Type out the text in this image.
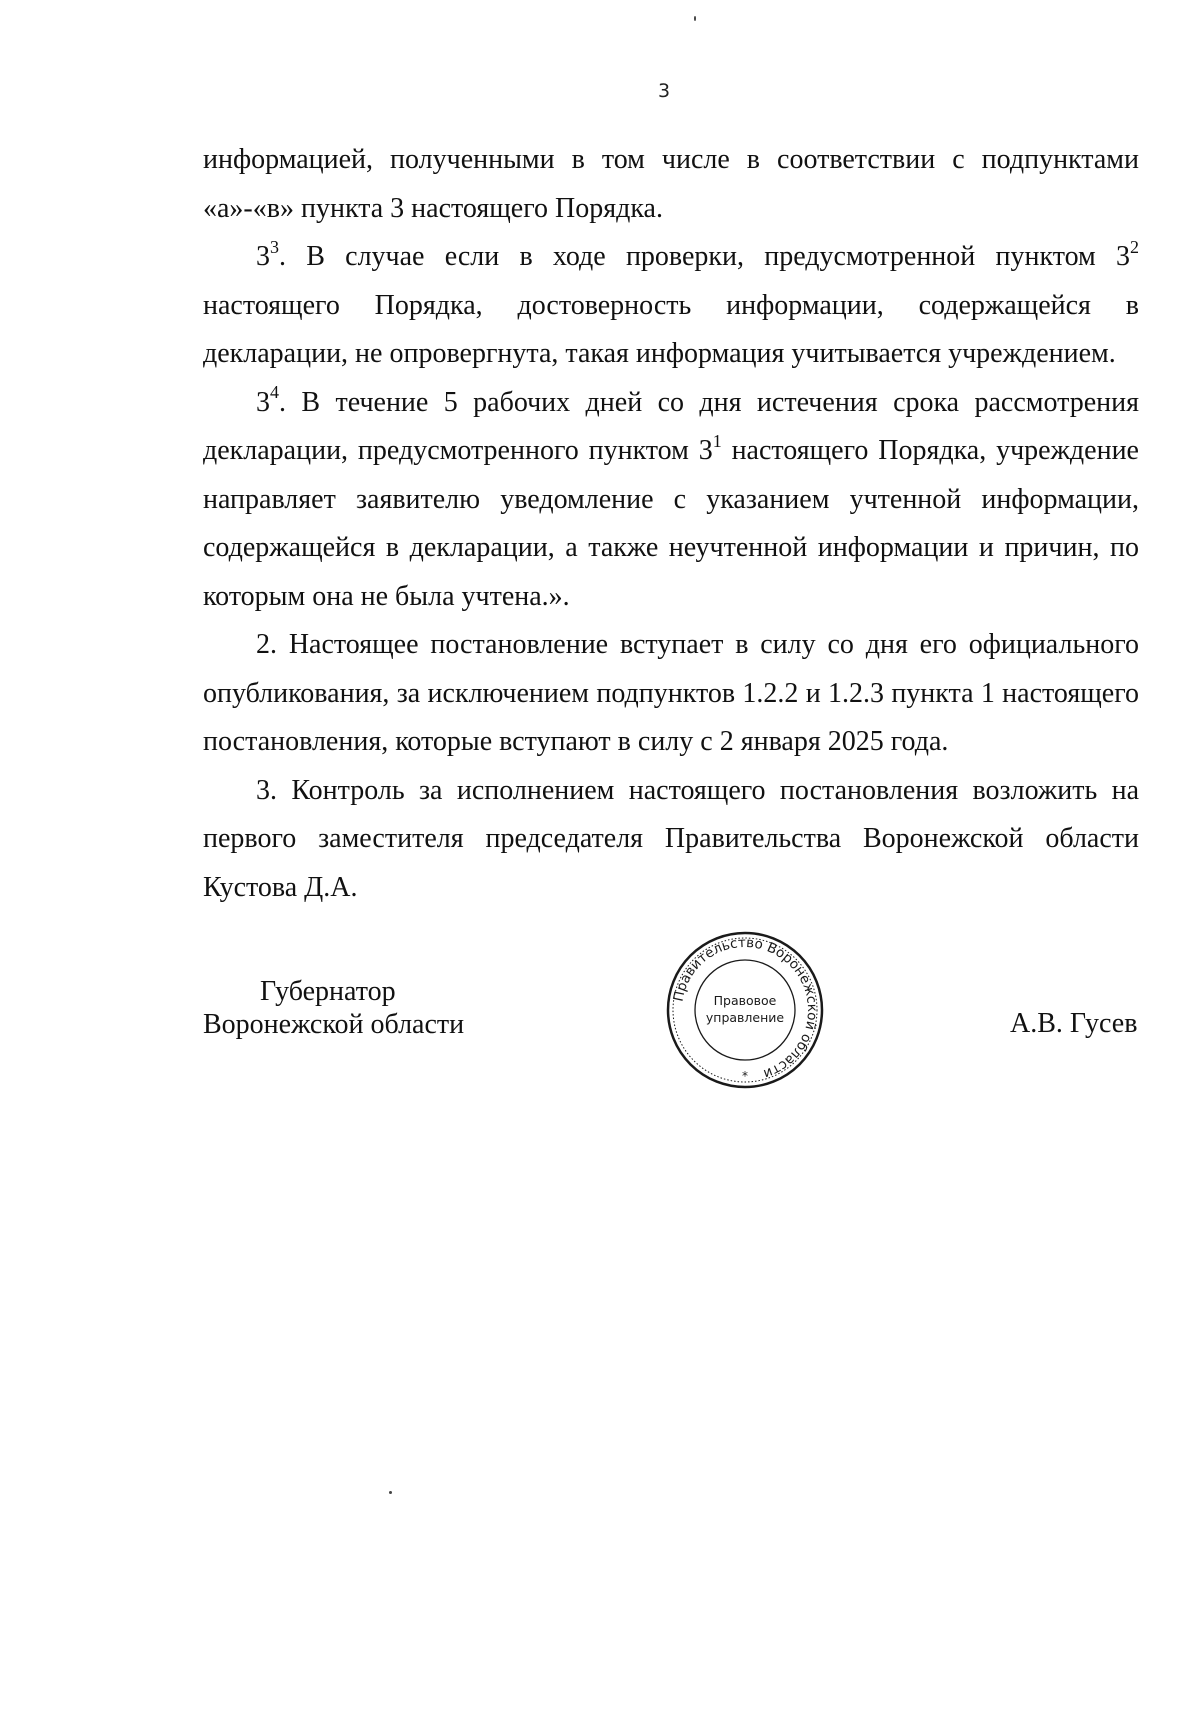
3

информацией, полученными в том числе в соответствии с подпунктами «а»-«в» пункта 3 настоящего Порядка.

$3^3$. В случае если в ходе проверки, предусмотренной пунктом $3^2$ настоящего Порядка, достоверность информации, содержащейся в декларации, не опровергнута, такая информация учитывается учреждением.

$3^4$. В течение 5 рабочих дней со дня истечения срока рассмотрения декларации, предусмотренного пунктом $3^1$ настоящего Порядка, учреждение направляет заявителю уведомление с указанием учтенной информации, содержащейся в декларации, а также неучтенной информации и причин, по которым она не была учтена.».

2. Настоящее постановление вступает в силу со дня его официального опубликования, за исключением подпунктов 1.2.2 и 1.2.3 пункта 1 настоящего постановления, которые вступают в силу с 2 января 2025 года.

3. Контроль за исполнением настоящего постановления возложить на первого заместителя председателя Правительства Воронежской области Кустова Д.А.

Губернатор
Воронежской области
Правительство Воронежской области
Правовое
управление
*
А.В. Гусев
